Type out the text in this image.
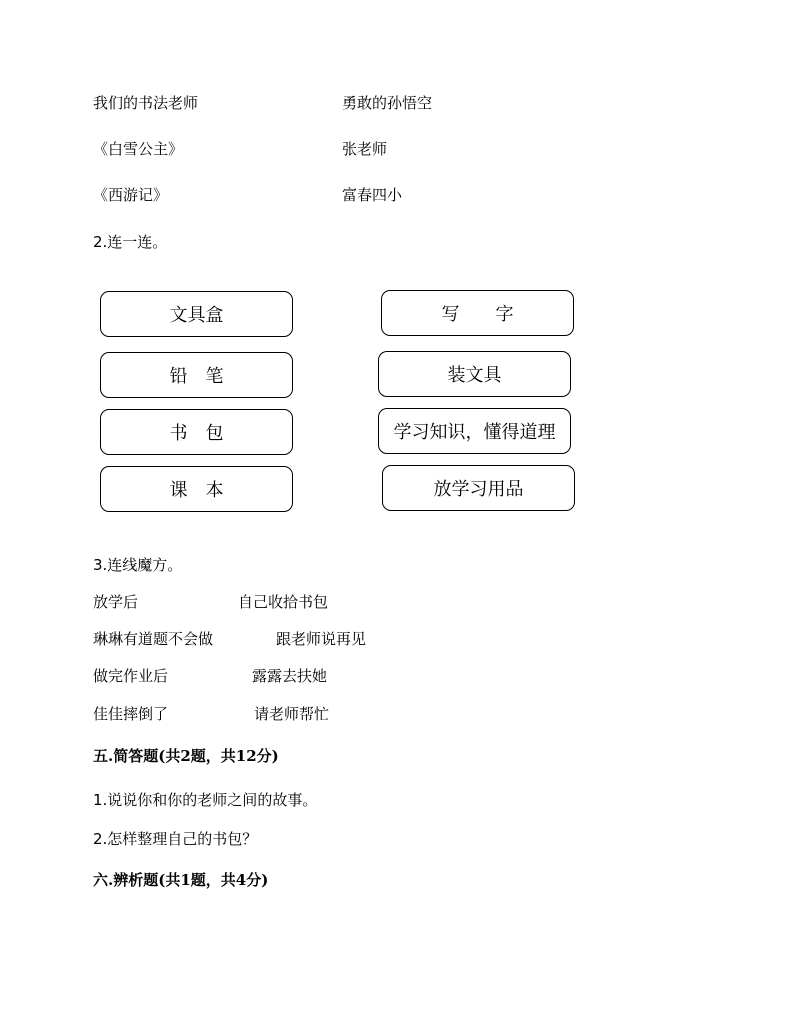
我们的书法老师	勇敢的孙悟空
《白雪公主》	张老师
《西游记》	富春四小
2.连一连。
文具盒
铅　笔
书　包
课　本
写　　字
装文具
学习知识，懂得道理
放学习用品
3.连线魔方。
放学后	自己收拾书包
琳琳有道题不会做	跟老师说再见
做完作业后	露露去扶她
佳佳摔倒了	请老师帮忙
五.简答题(共2题，共12分)
1.说说你和你的老师之间的故事。
2.怎样整理自己的书包？
六.辨析题(共1题，共4分)
